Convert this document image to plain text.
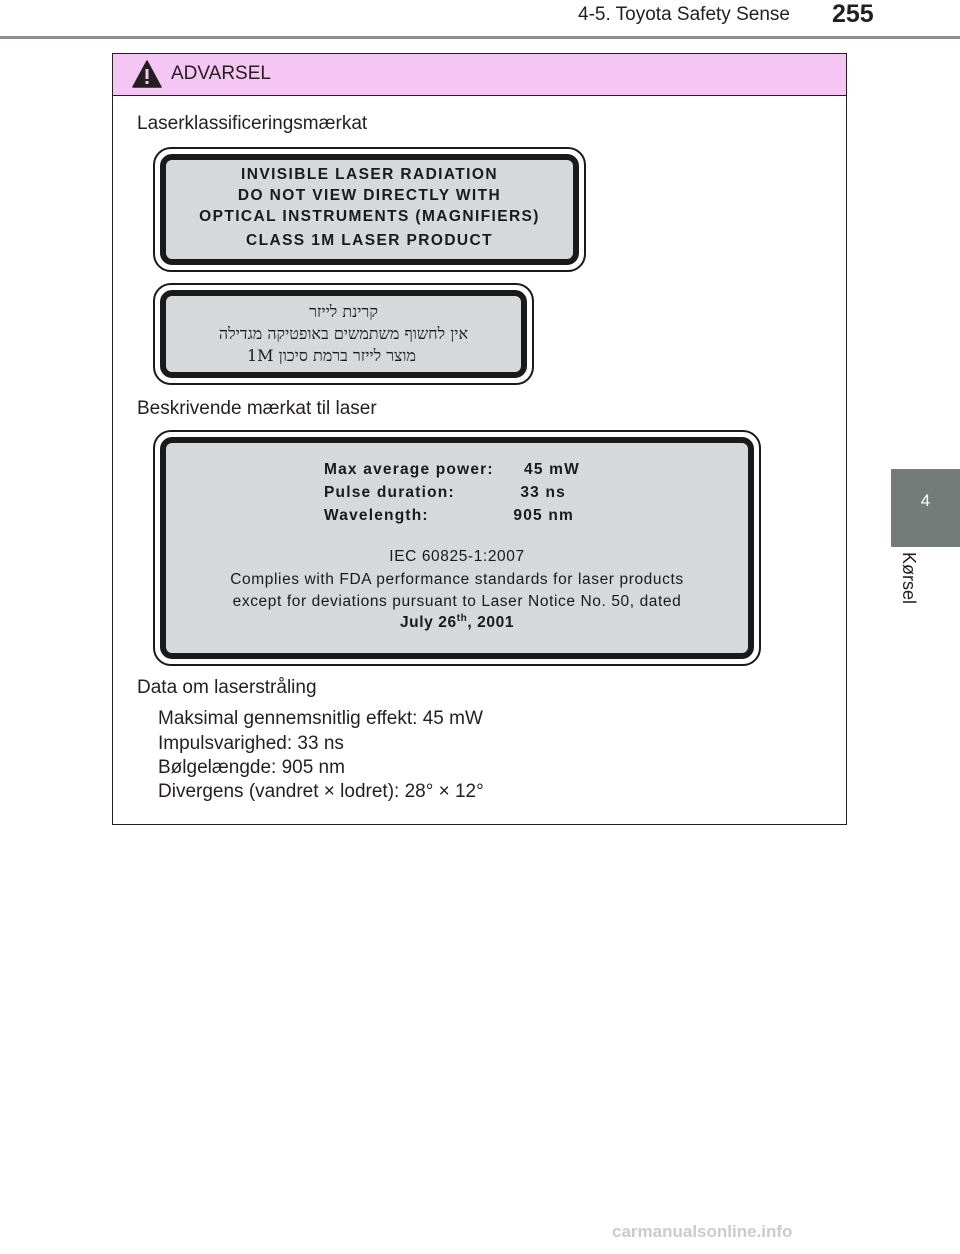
4-5. Toyota Safety Sense 255
4
Kørsel
ADVARSEL
Laserklassificeringsmærkat
INVISIBLE LASER RADIATION
DO NOT VIEW DIRECTLY WITH
OPTICAL INSTRUMENTS (MAGNIFIERS)
CLASS 1M LASER PRODUCT
קרינת לייזר
אין לחשוף משתמשים באופטיקה מגדילה
מוצר לייזר ברמת סיכון 1M
Beskrivende mærkat til laser
Max average power:	45 mW
Pulse duration:	33 ns
Wavelength:	905 nm
IEC 60825-1:2007
Complies with FDA performance standards for laser products
except for deviations pursuant to Laser Notice No. 50, dated
July 26th, 2001
Data om laserstråling
Maksimal gennemsnitlig effekt: 45 mW
Impulsvarighed: 33 ns
Bølgelængde: 905 nm
Divergens (vandret × lodret): 28° × 12°
carmanualsonline.info
